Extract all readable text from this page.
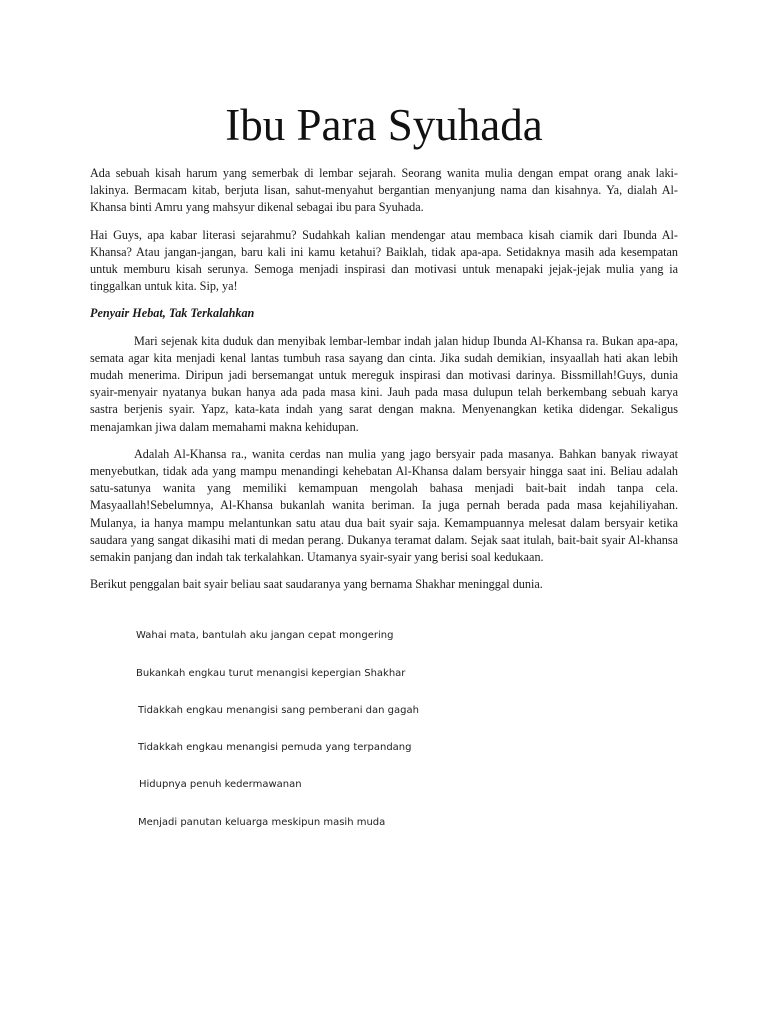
Ibu Para Syuhada

Ada sebuah kisah harum yang semerbak di lembar sejarah. Seorang wanita mulia dengan empat orang anak laki-lakinya. Bermacam kitab, berjuta lisan, sahut-menyahut bergantian menyanjung nama dan kisahnya. Ya, dialah Al-Khansa binti Amru yang mahsyur dikenal sebagai ibu para Syuhada.

Hai Guys, apa kabar literasi sejarahmu? Sudahkah kalian mendengar atau membaca kisah ciamik dari Ibunda Al-Khansa? Atau jangan-jangan, baru kali ini kamu ketahui? Baiklah, tidak apa-apa. Setidaknya masih ada kesempatan untuk memburu kisah serunya. Semoga menjadi inspirasi dan motivasi untuk menapaki jejak-jejak mulia yang ia tinggalkan untuk kita. Sip, ya!

Penyair Hebat, Tak Terkalahkan

Mari sejenak kita duduk dan menyibak lembar-lembar indah jalan hidup Ibunda Al-Khansa ra. Bukan apa-apa, semata agar kita menjadi kenal lantas tumbuh rasa sayang dan cinta. Jika sudah demikian, insyaallah hati akan lebih mudah menerima. Diripun jadi bersemangat untuk mereguk inspirasi dan motivasi darinya. Bissmillah!Guys, dunia syair-menyair nyatanya bukan hanya ada pada masa kini. Jauh pada masa dulupun telah berkembang sebuah karya sastra berjenis syair. Yapz, kata-kata indah yang sarat dengan makna. Menyenangkan ketika didengar. Sekaligus menajamkan jiwa dalam memahami makna kehidupan.

Adalah Al-Khansa ra., wanita cerdas nan mulia yang jago bersyair pada masanya. Bahkan banyak riwayat menyebutkan, tidak ada yang mampu menandingi kehebatan Al-Khansa dalam bersyair hingga saat ini. Beliau adalah satu-satunya wanita yang memiliki kemampuan mengolah bahasa menjadi bait-bait indah tanpa cela. Masyaallah!Sebelumnya, Al-Khansa bukanlah wanita beriman. Ia juga pernah berada pada masa kejahiliyahan. Mulanya, ia hanya mampu melantunkan satu atau dua bait syair saja. Kemampuannya melesat dalam bersyair ketika saudara yang sangat dikasihi mati di medan perang. Dukanya teramat dalam. Sejak saat itulah, bait-bait syair Al-khansa semakin panjang dan indah tak terkalahkan. Utamanya syair-syair yang berisi soal kedukaan.

Berikut penggalan bait syair beliau saat saudaranya yang bernama Shakhar meninggal dunia.

Wahai mata, bantulah aku jangan cepat mongering
Bukankah engkau turut menangisi kepergian Shakhar
Tidakkah engkau menangisi sang pemberani dan gagah
Tidakkah engkau menangisi pemuda yang terpandang
Hidupnya penuh kedermawanan
Menjadi panutan keluarga meskipun masih muda
